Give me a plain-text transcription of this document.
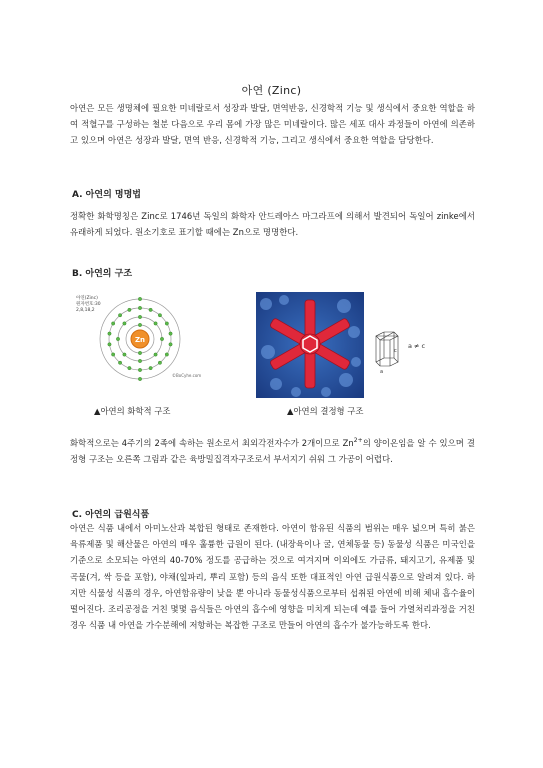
아연 (Zinc)
아연은 모든 생명체에 필요한 미네랄로서 성장과 발달, 면역반응, 신경학적 기능 및 생식에서 중요한 역할을 하여 적혈구를 구성하는 철분 다음으로 우리 몸에 가장 많은 미네랄이다. 많은 세포 대사 과정들이 아연에 의존하고 있으며 아연은 성장과 발달, 면역 반응, 신경학적 기능, 그리고 생식에서 중요한 역할을 담당한다.
A. 아연의 명명법
정확한 화학명칭은 Zinc로 1746년 독일의 화학자 안드레아스 마그라프에 의해서 발견되어 독일어 zinke에서 유래하게 되었다. 원소기호로 표기할 때에는 Zn으로 명명한다.
B. 아연의 구조
아연(Zinc)
원자번호:30
2,8,18,2
Zn
©BoCyhe.com
c
a
a ≠ c
▲아연의 화학적 구조	▲아연의 결정형 구조
화학적으로는 4주기의 2족에 속하는 원소로서 최외각전자수가 2개이므로 $Zn^{2+}$의 양이온임을 알 수 있으며 결정형 구조는 오른쪽 그림과 같은 육방밀집격자구조로서 부서지기 쉬워 그 가공이 어렵다.
C. 아연의 급원식품
아연은 식품 내에서 아미노산과 복합된 형태로 존재한다. 아연이 함유된 식품의 범위는 매우 넓으며 특히 붉은 육류제품 및 해산물은 아연의 매우 훌륭한 급원이 된다. (내장육이나 굴, 연체동물 등) 동물성 식품은 미국인을 기준으로 소모되는 아연의 40-70% 정도를 공급하는 것으로 여겨지며 이외에도 가금류, 돼지고기, 유제품 및 곡물(겨, 싹 등을 포함), 야채(잎파리, 뿌리 포함) 등의 음식 또한 대표적인 아연 급원식품으로 알려져 있다. 하지만 식물성 식품의 경우, 아연함유량이 낮을 뿐 아니라 동물성식품으로부터 섭취된 아연에 비해 체내 흡수율이 떨어진다. 조리공정을 거친 몇몇 음식들은 아연의 흡수에 영향을 미치게 되는데 예를 들어 가열처리과정을 거친 경우 식품 내 아연을 가수분해에 저항하는 복잡한 구조로 만들어 아연의 흡수가 불가능하도록 한다.
